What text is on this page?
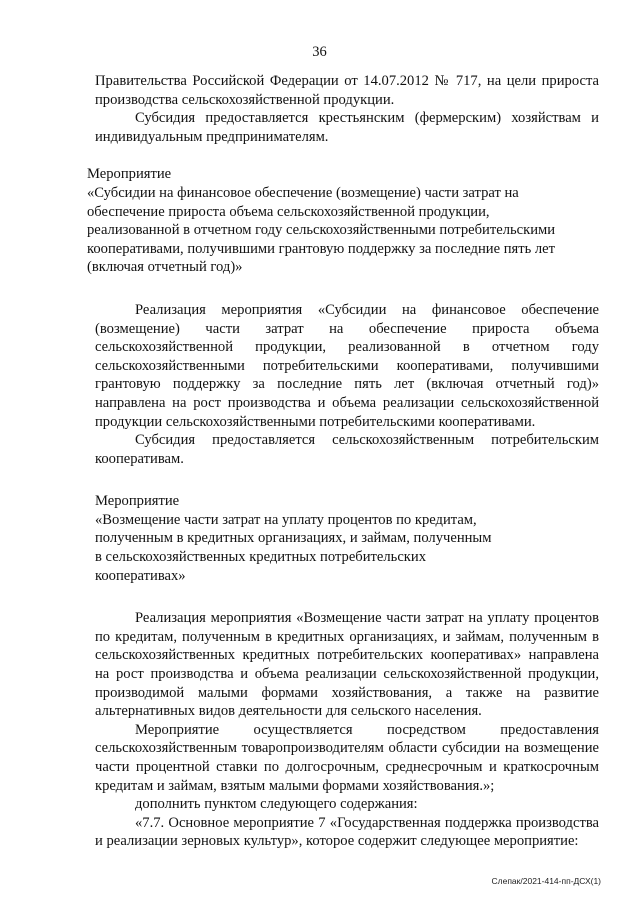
36

Правительства Российской Федерации от 14.07.2012 № 717, на цели прироста производства сельскохозяйственной продукции.

Субсидия предоставляется крестьянским (фермерским) хозяйствам и индивидуальным предпринимателям.

Мероприятие

«Субсидии на финансовое обеспечение (возмещение) части затрат на

обеспечение прироста объема сельскохозяйственной продукции,

реализованной в отчетном году сельскохозяйственными потребительскими

кооперативами, получившими грантовую поддержку за последние пять лет

(включая отчетный год)»

Реализация мероприятия «Субсидии на финансовое обеспечение (возмещение) части затрат на обеспечение прироста объема сельскохозяйственной продукции, реализованной в отчетном году сельскохозяйственными потребительскими кооперативами, получившими грантовую поддержку за последние пять лет (включая отчетный год)» направлена на рост производства и объема реализации сельскохозяйственной продукции сельскохозяйственными потребительскими кооперативами.

Субсидия предоставляется сельскохозяйственным потребительским кооперативам.

Мероприятие

«Возмещение части затрат на уплату процентов по кредитам,

полученным в кредитных организациях, и займам, полученным

в сельскохозяйственных кредитных потребительских

кооперативах»

Реализация мероприятия «Возмещение части затрат на уплату процентов по кредитам, полученным в кредитных организациях, и займам, полученным в сельскохозяйственных кредитных потребительских кооперативах» направлена на рост производства и объема реализации сельскохозяйственной продукции, производимой малыми формами хозяйствования, а также на развитие альтернативных видов деятельности для сельского населения.

Мероприятие осуществляется посредством предоставления сельскохозяйственным товаропроизводителям области субсидии на возмещение части процентной ставки по долгосрочным, среднесрочным и краткосрочным кредитам и займам, взятым малыми формами хозяйствования.»;

дополнить пунктом следующего содержания:

«7.7. Основное мероприятие 7 «Государственная поддержка производства и реализации зерновых культур», которое содержит следующее мероприятие:

Слепак/2021-414-пп-ДСХ(1)
